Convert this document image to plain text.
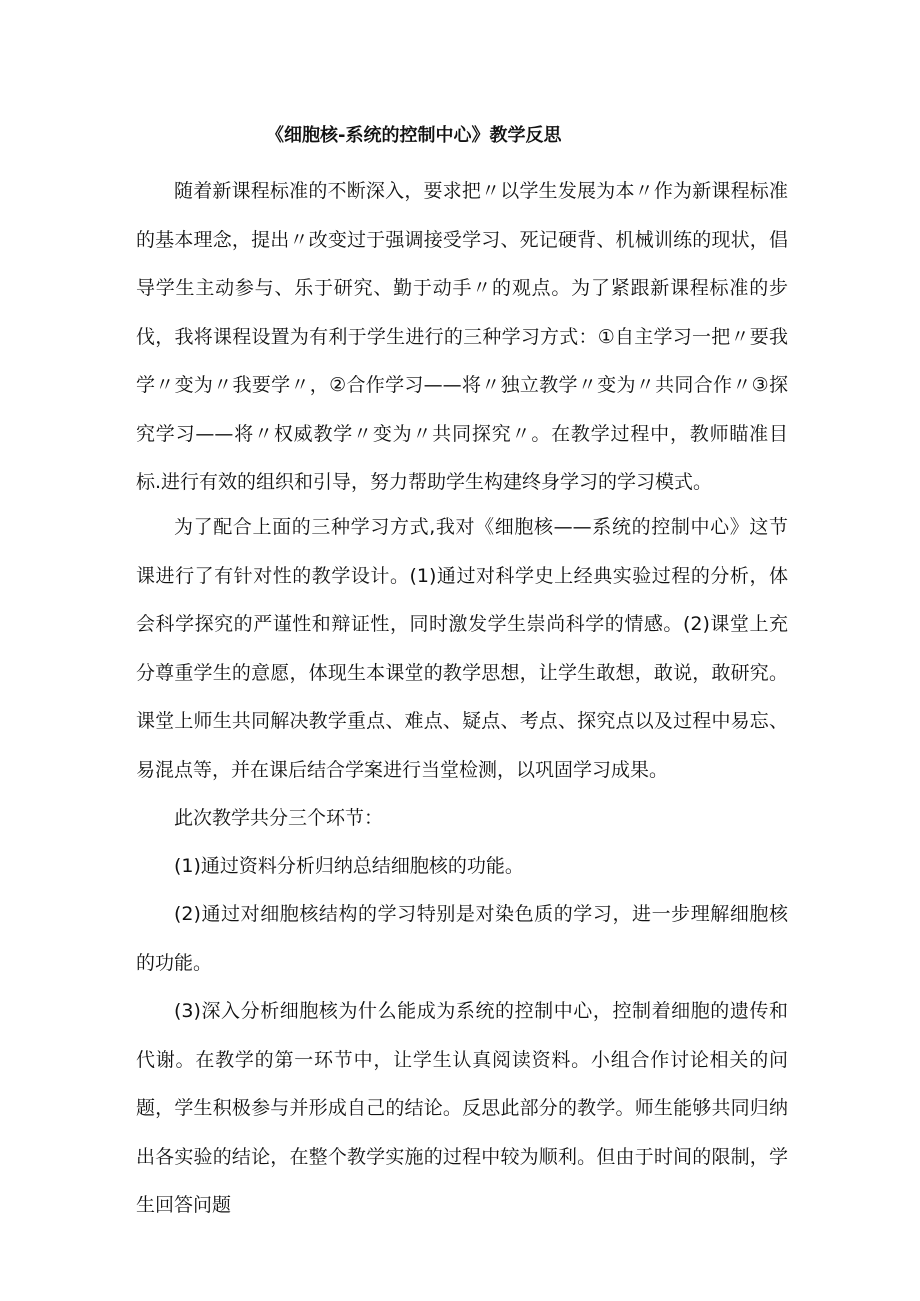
《细胞核-系统的控制中心》教学反思

随着新课程标准的不断深入，要求把〃以学生发展为本〃作为新课程标准的基本理念，提出〃改变过于强调接受学习、死记硬背、机械训练的现状，倡导学生主动参与、乐于研究、勤于动手〃的观点。为了紧跟新课程标准的步伐，我将课程设置为有利于学生进行的三种学习方式：①自主学习一把〃要我学〃变为〃我要学〃，②合作学习——将〃独立教学〃变为〃共同合作〃③探究学习——将〃权威教学〃变为〃共同探究〃。在教学过程中，教师瞄准目标.进行有效的组织和引导，努力帮助学生构建终身学习的学习模式。

为了配合上面的三种学习方式,我对《细胞核——系统的控制中心》这节课进行了有针对性的教学设计。(1)通过对科学史上经典实验过程的分析，体会科学探究的严谨性和辩证性，同时激发学生崇尚科学的情感。(2)课堂上充分尊重学生的意愿，体现生本课堂的教学思想，让学生敢想，敢说，敢研究。课堂上师生共同解决教学重点、难点、疑点、考点、探究点以及过程中易忘、易混点等，并在课后结合学案进行当堂检测，以巩固学习成果。

此次教学共分三个环节：

(1)通过资料分析归纳总结细胞核的功能。

(2)通过对细胞核结构的学习特别是对染色质的学习，进一步理解细胞核的功能。

(3)深入分析细胞核为什么能成为系统的控制中心，控制着细胞的遗传和代谢。在教学的第一环节中，让学生认真阅读资料。小组合作讨论相关的问题，学生积极参与并形成自己的结论。反思此部分的教学。师生能够共同归纳出各实验的结论，在整个教学实施的过程中较为顺利。但由于时间的限制，学生回答问题
